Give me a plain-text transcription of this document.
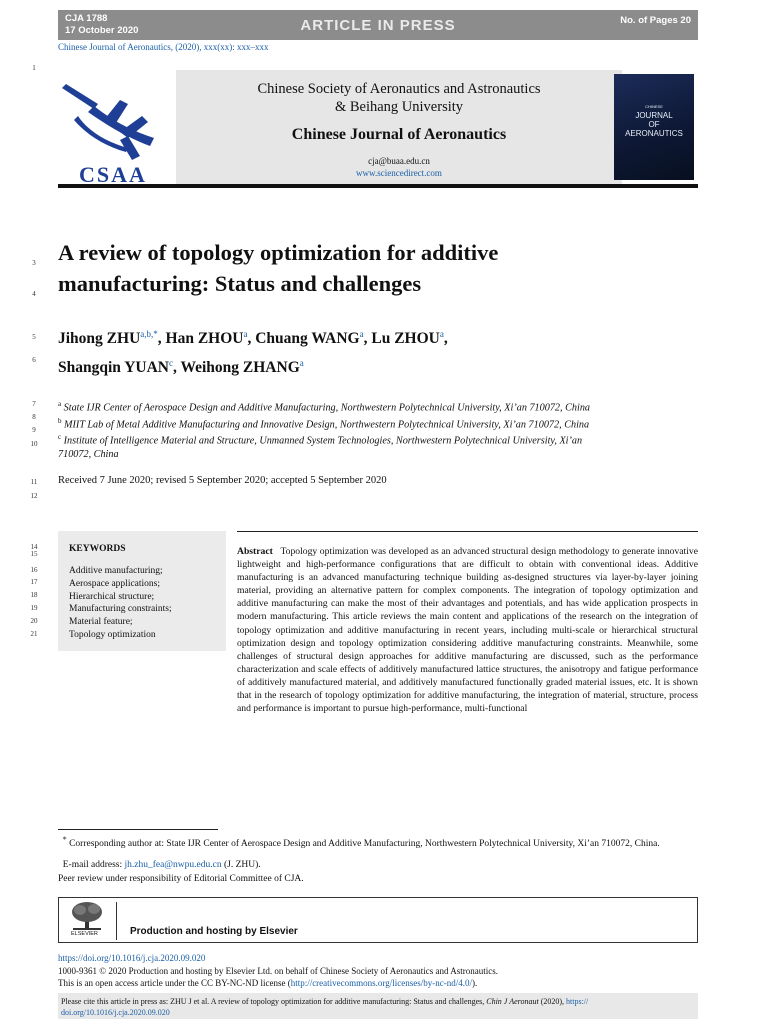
CJA 1788
17 October 2020	ARTICLE IN PRESS	No. of Pages 20
Chinese Journal of Aeronautics, (2020), xxx(xx): xxx–xxx
1
3
4
5
6
7
8
9
10
11
12
14
15
16
17
18
19
20
21
CSAA
Chinese Society of Aeronautics and Astronautics
& Beihang University
Chinese Journal of Aeronautics
cja@buaa.edu.cn
www.sciencedirect.com
CHINESE
JOURNAL
OF
AERONAUTICS
A review of topology optimization for additive
manufacturing: Status and challenges
Jihong $ZHU^{a,b,*}$, Han ZHOU$^a$, Chuang WANG$^a$, Lu ZHOU$^a$,
Shangqin YUAN$^c$, Weihong ZHANG$^a$
$^a$ State IJR Center of Aerospace Design and Additive Manufacturing, Northwestern Polytechnical University, Xi’an 710072, China
$^b$ MIIT Lab of Metal Additive Manufacturing and Innovative Design, Northwestern Polytechnical University, Xi’an 710072, China
$^c$ Institute of Intelligence Material and Structure, Unmanned System Technologies, Northwestern Polytechnical University, Xi’an
710072, China
Received 7 June 2020; revised 5 September 2020; accepted 5 September 2020
KEYWORDS
Additive manufacturing;
Aerospace applications;
Hierarchical structure;
Manufacturing constraints;
Material feature;
Topology optimization
Abstract Topology optimization was developed as an advanced structural design methodology to generate innovative lightweight and high-performance configurations that are difficult to obtain with conventional ideas. Additive manufacturing is an advanced manufacturing technique building as-designed structures via layer-by-layer joining material, providing an alternative pattern for complex components. The integration of topology optimization and additive manufacturing can make the most of their advantages and potentials, and has wide application prospects in modern manufacturing. This article reviews the main content and applications of the research on the integration of topology optimization and additive manufacturing in recent years, including multi-scale or hierarchical structural optimization design and topology optimization considering additive manufacturing constraints. Meanwhile, some challenges of structural design approaches for additive manufacturing are discussed, such as the performance characterization and scale effects of additively manufactured lattice structures, the anisotropy and fatigue performance of additively manufactured material, and additively manufactured functionally graded material issues, etc. It is shown that in the research of topology optimization for additive manufacturing, the integration of material, structure, process and performance is important to pursue high-performance, multi-functional
* Corresponding author at: State IJR Center of Aerospace Design and Additive Manufacturing, Northwestern Polytechnical University, Xi’an 710072, China.
E-mail address: jh.zhu_fea@nwpu.edu.cn (J. ZHU).
Peer review under responsibility of Editorial Committee of CJA.
ELSEVIER	Production and hosting by Elsevier
https://doi.org/10.1016/j.cja.2020.09.020
1000-9361 © 2020 Production and hosting by Elsevier Ltd. on behalf of Chinese Society of Aeronautics and Astronautics.
This is an open access article under the CC BY-NC-ND license (http://creativecommons.org/licenses/by-nc-nd/4.0/).
Please cite this article in press as: ZHU J et al. A review of topology optimization for additive manufacturing: Status and challenges, Chin J Aeronaut (2020), https://
doi.org/10.1016/j.cja.2020.09.020
